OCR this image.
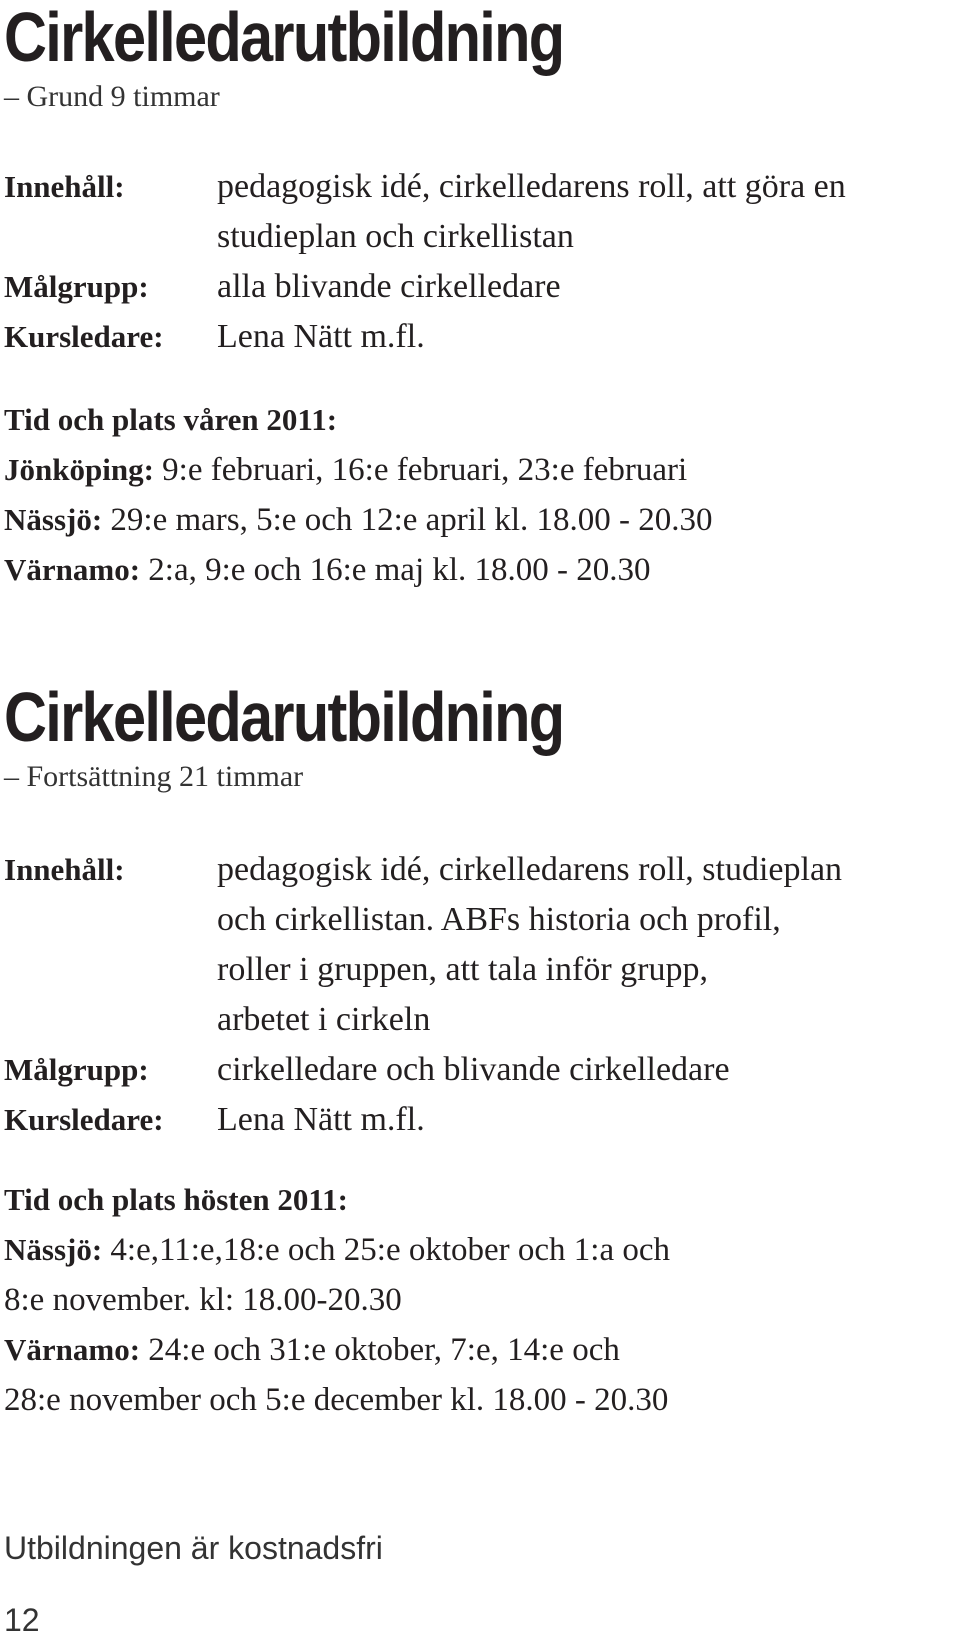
Cirkelledarutbildning

– Grund 9 timmar

Innehåll:	pedagogisk idé, cirkelledarens roll, att göra en
studieplan och cirkellistan
Målgrupp:	alla blivande cirkelledare
Kursledare:	Lena Nätt m.fl.

Tid och plats våren 2011:

Jönköping: 9:e februari, 16:e februari, 23:e februari
Nässjö: 29:e mars, 5:e och 12:e april kl. 18.00 - 20.30
Värnamo: 2:a, 9:e och 16:e maj kl. 18.00 - 20.30
Cirkelledarutbildning

– Fortsättning 21 timmar

Innehåll:	pedagogisk idé, cirkelledarens roll, studieplan
och cirkellistan. ABFs historia och profil,
roller i gruppen, att tala inför grupp,
arbetet i cirkeln
Målgrupp:	cirkelledare och blivande cirkelledare
Kursledare:	Lena Nätt m.fl.

Tid och plats hösten 2011:

Nässjö: 4:e,11:e,18:e och 25:e oktober och 1:a och
8:e november. kl: 18.00-20.30
Värnamo: 24:e och 31:e oktober, 7:e, 14:e och
28:e november och 5:e december kl. 18.00 - 20.30
Utbildningen är kostnadsfri
12
